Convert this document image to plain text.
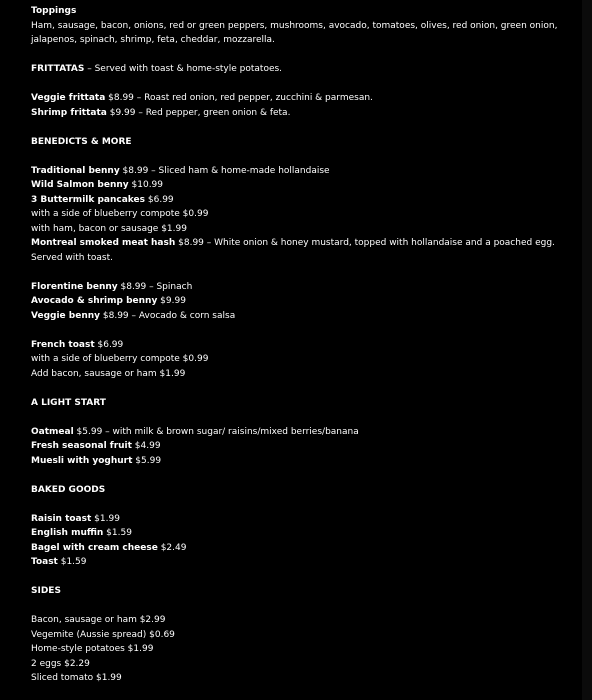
Toppings
Ham, sausage, bacon, onions, red or green peppers, mushrooms, avocado, tomatoes, olives, red onion, green onion,
jalapenos, spinach, shrimp, feta, cheddar, mozzarella.
FRITTATAS – Served with toast & home-style potatoes.
Veggie frittata $8.99 – Roast red onion, red pepper, zucchini & parmesan.
Shrimp frittata $9.99 – Red pepper, green onion & feta.
BENEDICTS & MORE
Traditional benny $8.99 – Sliced ham & home-made hollandaise
Wild Salmon benny $10.99
3 Buttermilk pancakes $6.99
with a side of blueberry compote $0.99
with ham, bacon or sausage $1.99
Montreal smoked meat hash $8.99 – White onion & honey mustard, topped with hollandaise and a poached egg.
Served with toast.
Florentine benny $8.99 – Spinach
Avocado & shrimp benny $9.99
Veggie benny $8.99 – Avocado & corn salsa
French toast $6.99
with a side of blueberry compote $0.99
Add bacon, sausage or ham $1.99
A LIGHT START
Oatmeal $5.99 – with milk & brown sugar/ raisins/mixed berries/banana
Fresh seasonal fruit $4.99
Muesli with yoghurt $5.99
BAKED GOODS
Raisin toast $1.99
English muffin $1.59
Bagel with cream cheese $2.49
Toast $1.59
SIDES
Bacon, sausage or ham $2.99
Vegemite (Aussie spread) $0.69
Home-style potatoes $1.99
2 eggs $2.29
Sliced tomato $1.99
